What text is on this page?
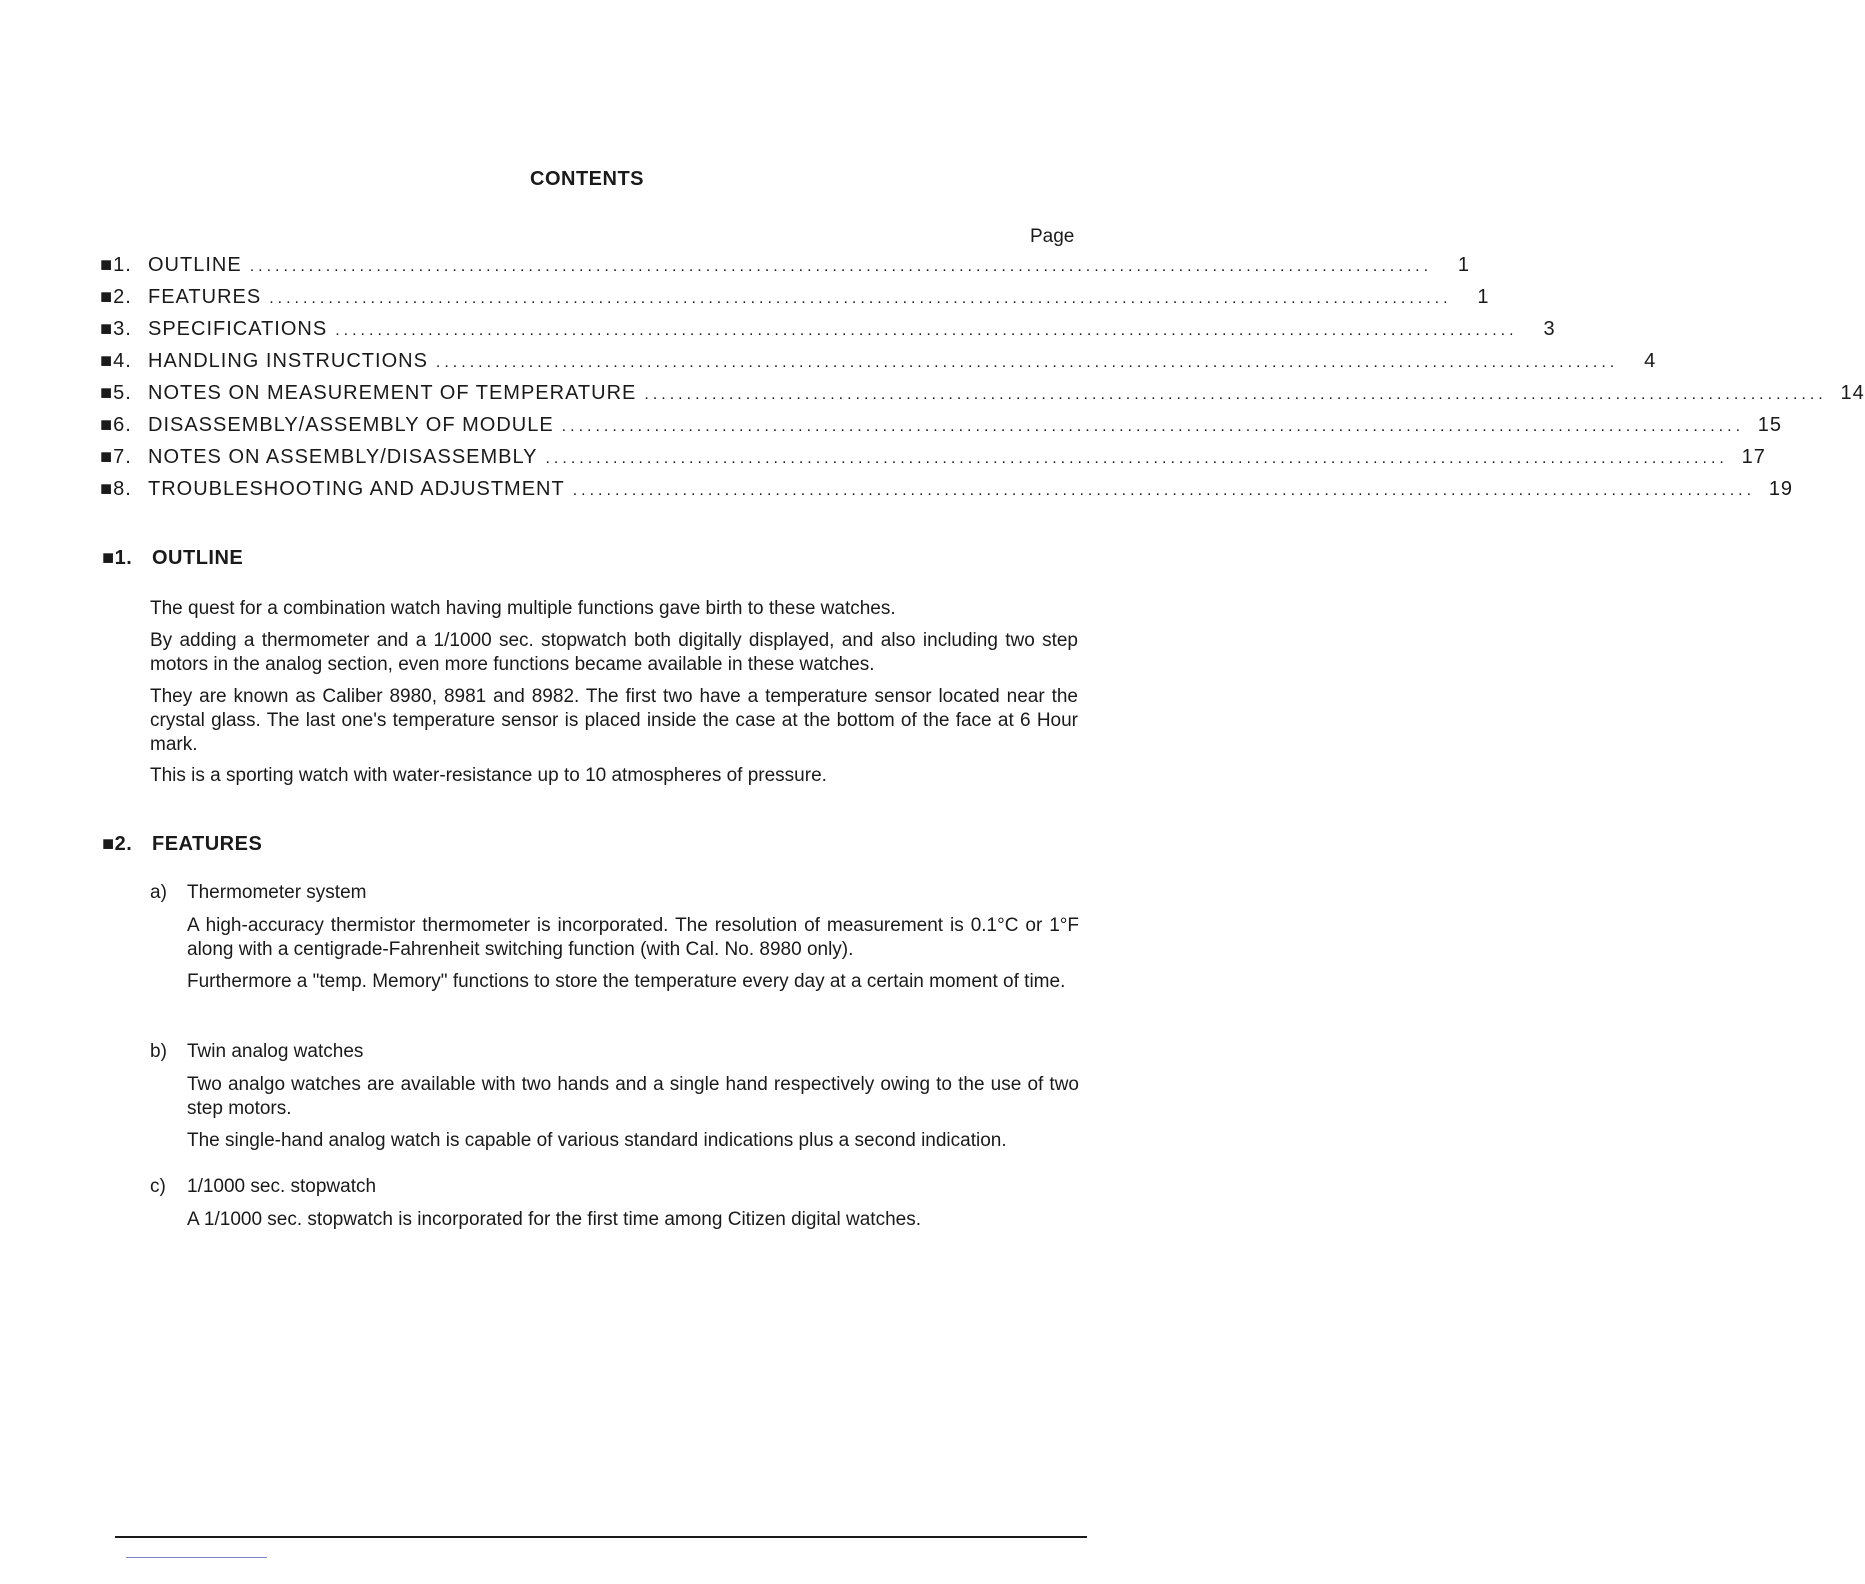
CONTENTS
Page
■1. OUTLINE ............................................................................................................................................	1
■2. FEATURES ............................................................................................................................................	1
■3. SPECIFICATIONS ............................................................................................................................................	3
■4. HANDLING INSTRUCTIONS ............................................................................................................................................	4
■5. NOTES ON MEASUREMENT OF TEMPERATURE ............................................................................................................................................ 14
■6. DISASSEMBLY/ASSEMBLY OF MODULE ............................................................................................................................................ 15
■7. NOTES ON ASSEMBLY/DISASSEMBLY ............................................................................................................................................ 17
■8. TROUBLESHOOTING AND ADJUSTMENT ............................................................................................................................................ 19
■1. OUTLINE

The quest for a combination watch having multiple functions gave birth to these watches.

By adding a thermometer and a 1/1000 sec. stopwatch both digitally displayed, and also including two step motors in the analog section, even more functions became available in these watches.

They are known as Caliber 8980, 8981 and 8982. The first two have a temperature sensor located near the crystal glass. The last one's temperature sensor is placed inside the case at the bottom of the face at 6 Hour mark.

This is a sporting watch with water-resistance up to 10 atmospheres of pressure.

■2. FEATURES
a) Thermometer system

A high-accuracy thermistor thermometer is incorporated. The resolution of measurement is 0.1°C or 1°F along with a centigrade-Fahrenheit switching function (with Cal. No. 8980 only).

Furthermore a "temp. Memory" functions to store the temperature every day at a certain moment of time.

b) Twin analog watches

Two analgo watches are available with two hands and a single hand respectively owing to the use of two step motors.

The single-hand analog watch is capable of various standard indications plus a second indication.

c) 1/1000 sec. stopwatch

A 1/1000 sec. stopwatch is incorporated for the first time among Citizen digital watches.
